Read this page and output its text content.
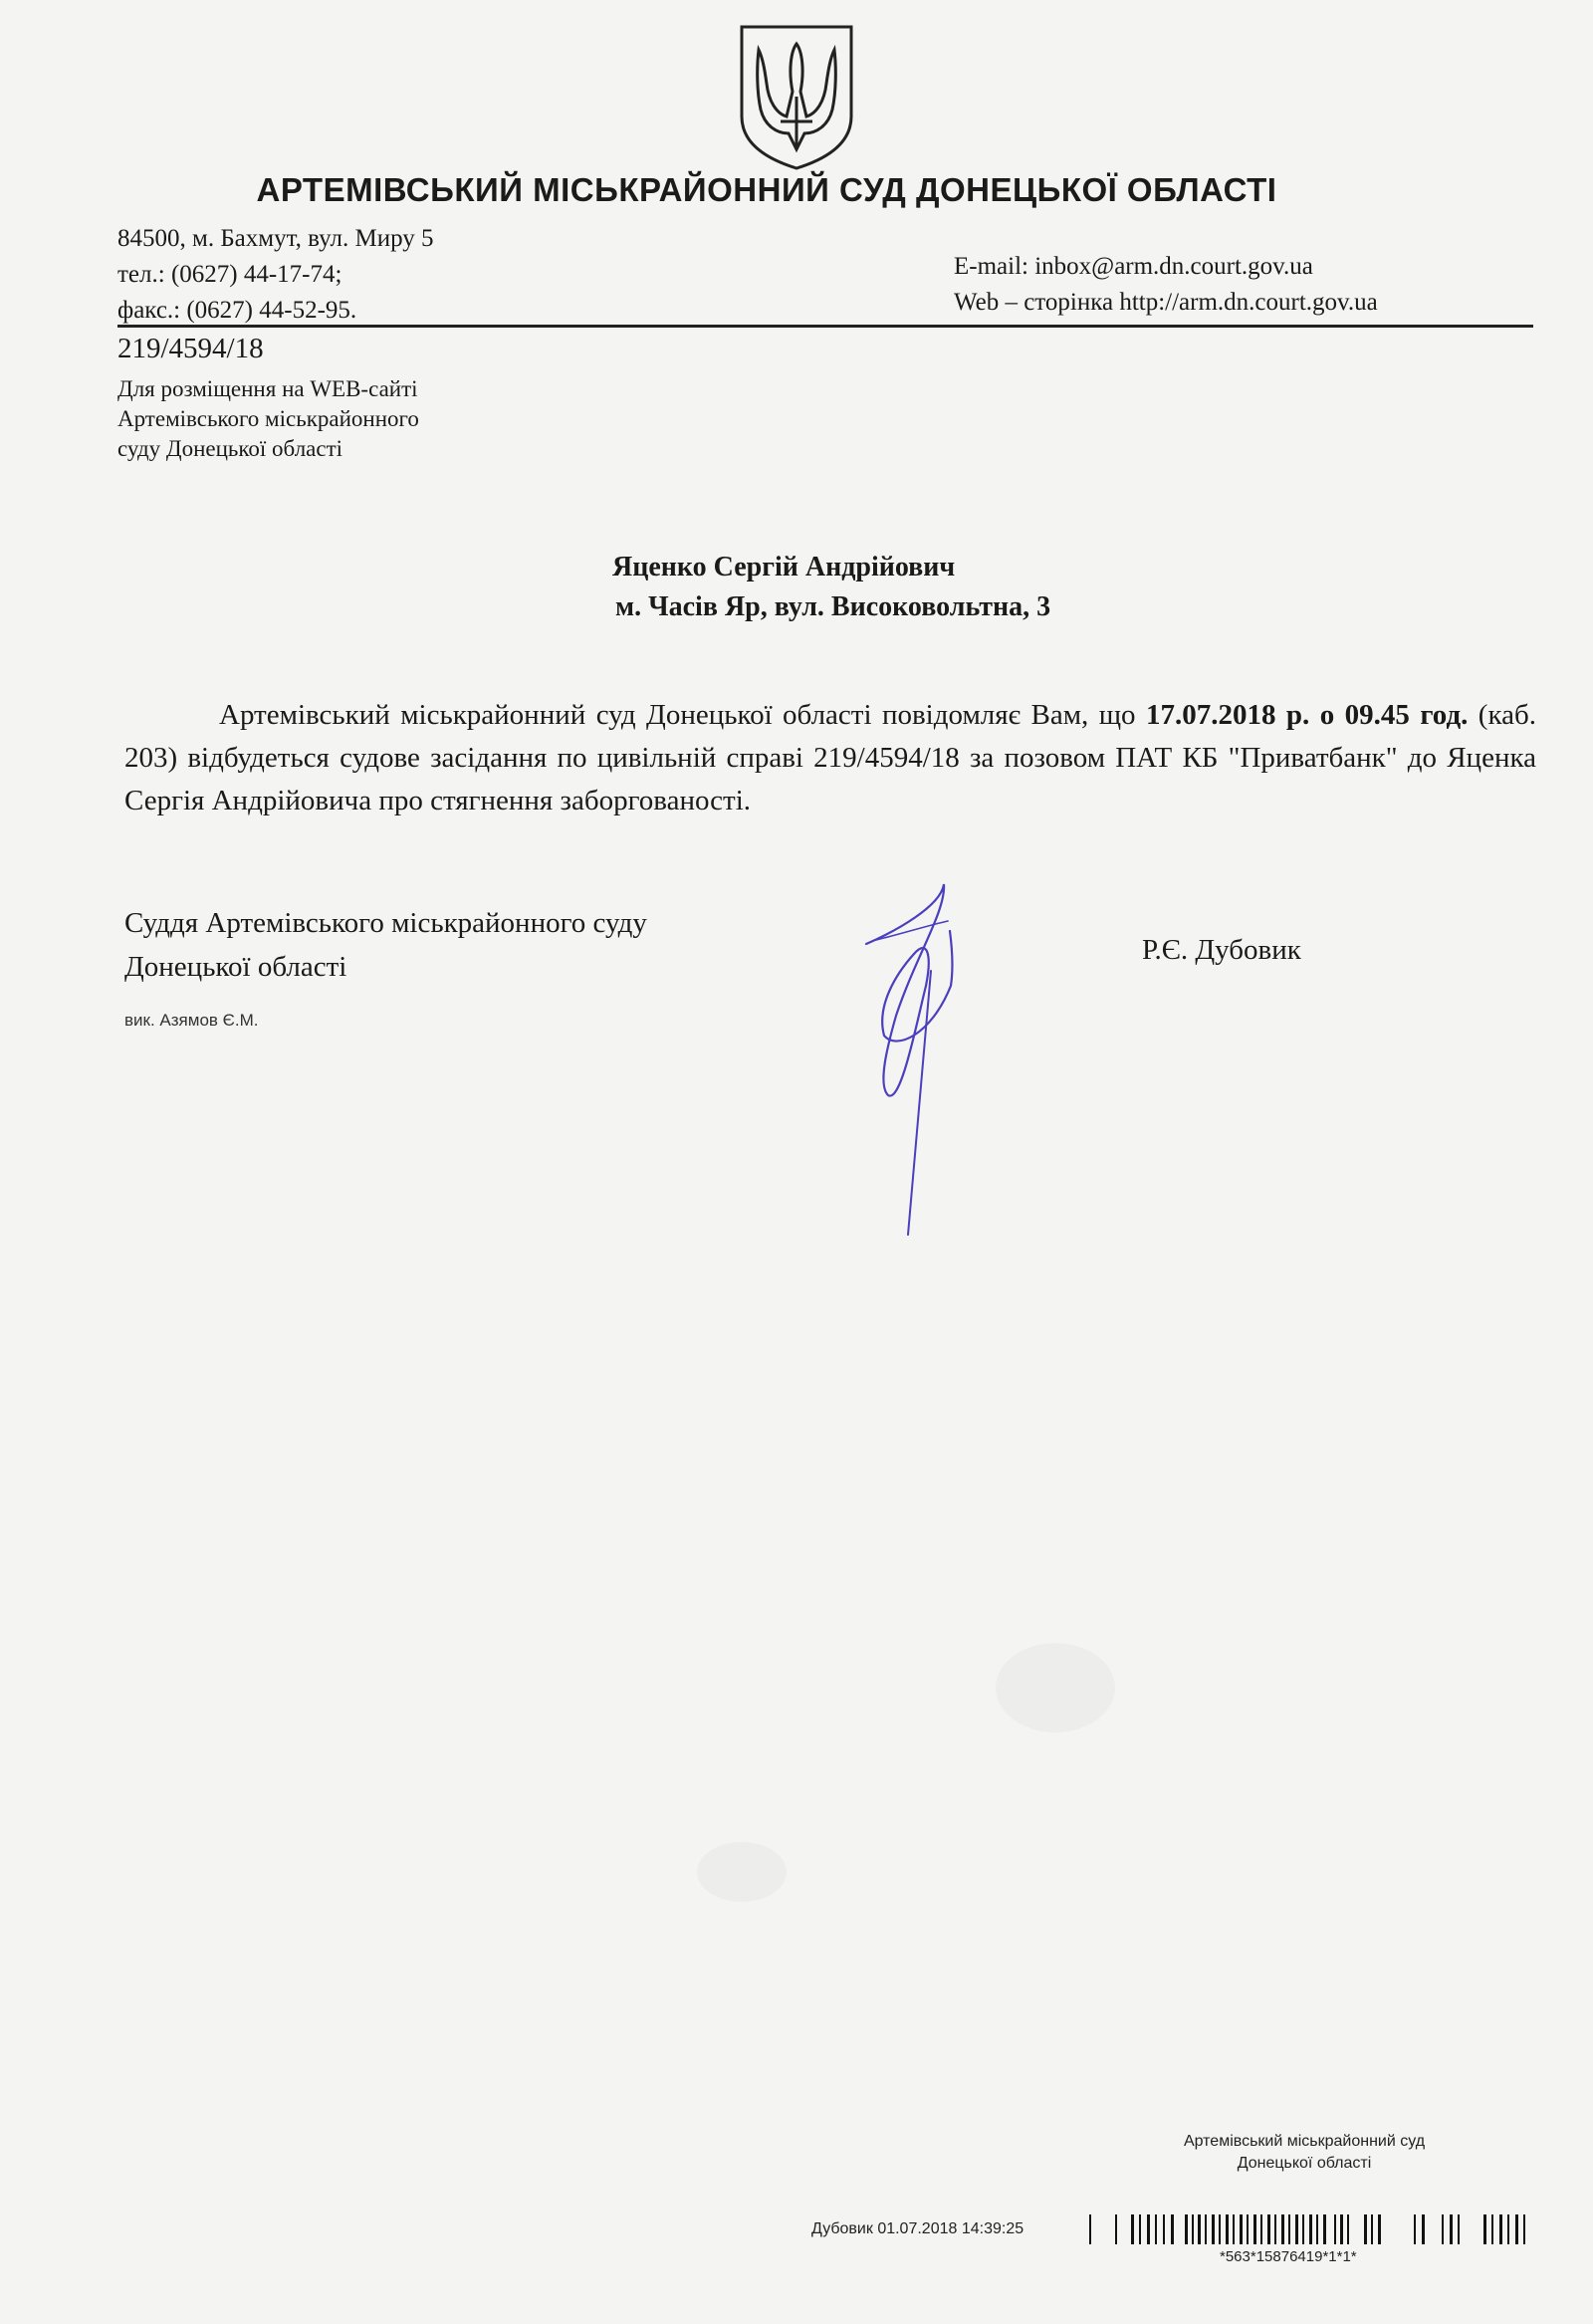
АРТЕМІВСЬКИЙ МІСЬКРАЙОННИЙ СУД ДОНЕЦЬКОЇ ОБЛАСТІ
84500, м. Бахмут, вул. Миру 5
тел.: (0627) 44-17-74;
факс.: (0627) 44-52-95.
E-mail: inbox@arm.dn.court.gov.ua
Web – сторінка http://arm.dn.court.gov.ua
219/4594/18
Для розміщення на WEB-сайті
Артемівського міськрайонного
суду Донецької області
Яценко Сергій Андрійович
м. Часів Яр, вул. Високовольтна, 3
Артемівський міськрайонний суд Донецької області повідомляє Вам, що 17.07.2018 р. о 09.45 год. (каб. 203) відбудеться судове засідання по цивільній справі 219/4594/18 за позовом ПАТ КБ "Приватбанк" до Яценка Сергія Андрійовича про стягнення заборгованості.
Суддя Артемівського міськрайонного суду
Донецької області
Р.Є. Дубовик
вик. Азямов Є.М.
Артемівський міськрайонний суд
Донецької області
Дубовик 01.07.2018 14:39:25
*563*15876419*1*1*
